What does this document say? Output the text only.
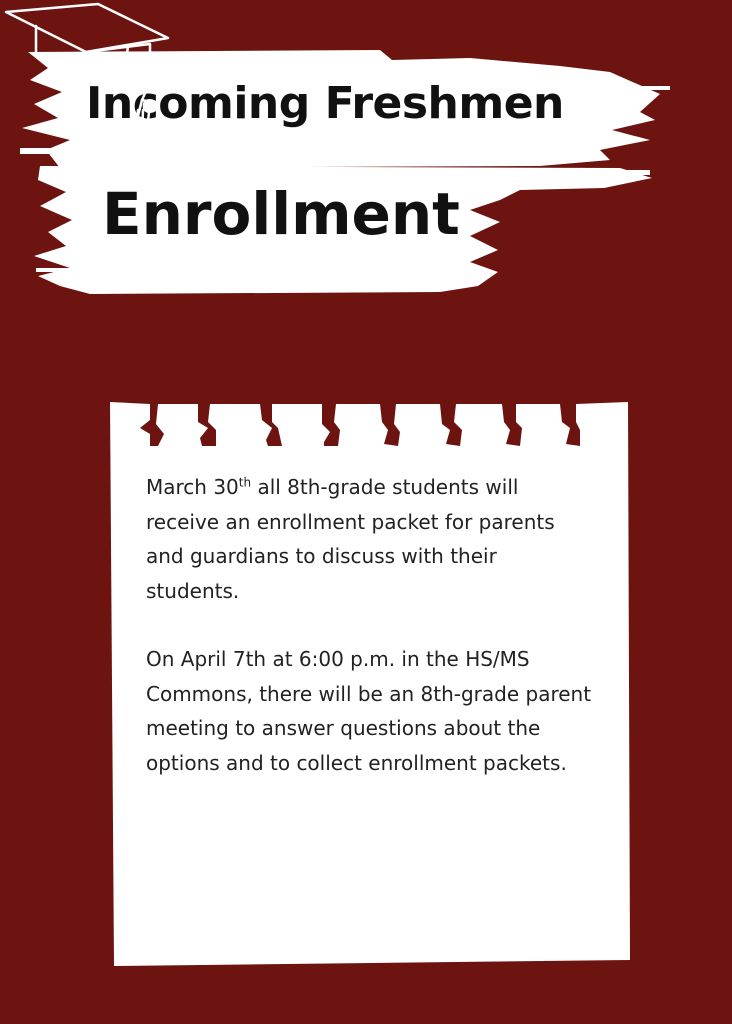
Incoming Freshmen
Enrollment

March 30th all 8th-grade students will receive an enrollment packet for parents and guardians to discuss with their students.

On April 7th at 6:00 p.m. in the HS/MS Commons, there will be an 8th-grade parent meeting to answer questions about the options and to collect enrollment packets.
